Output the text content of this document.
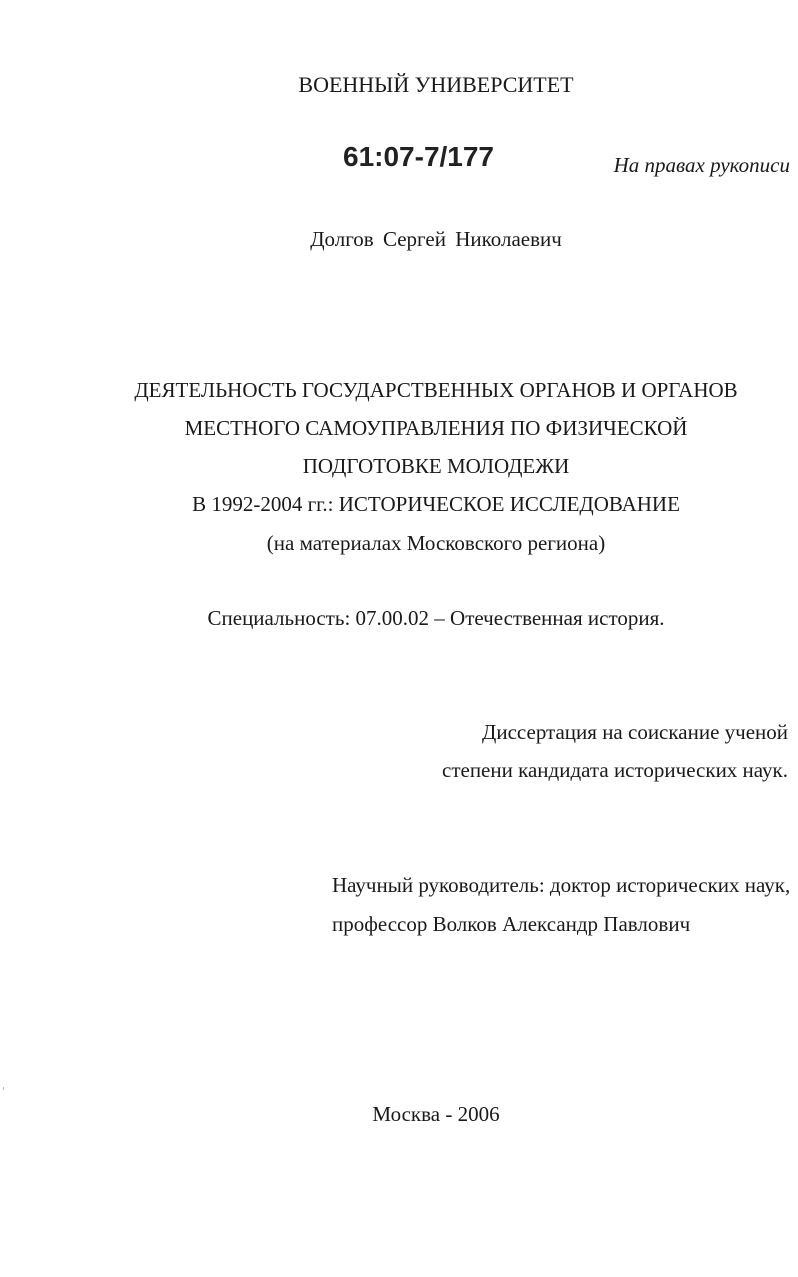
ВОЕННЫЙ УНИВЕРСИТЕТ
61:07-7/177	На правах рукописи
Долгов Сергей Николаевич
ДЕЯТЕЛЬНОСТЬ ГОСУДАРСТВЕННЫХ ОРГАНОВ И ОРГАНОВ
МЕСТНОГО САМОУПРАВЛЕНИЯ ПО ФИЗИЧЕСКОЙ
ПОДГОТОВКЕ МОЛОДЕЖИ
В 1992-2004 гг.: ИСТОРИЧЕСКОЕ ИССЛЕДОВАНИЕ
(на материалах Московского региона)
Специальность: 07.00.02 – Отечественная история.
Диссертация на соискание ученой
степени кандидата исторических наук.
Научный руководитель: доктор исторических наук,
профессор Волков Александр Павлович
Москва - 2006
